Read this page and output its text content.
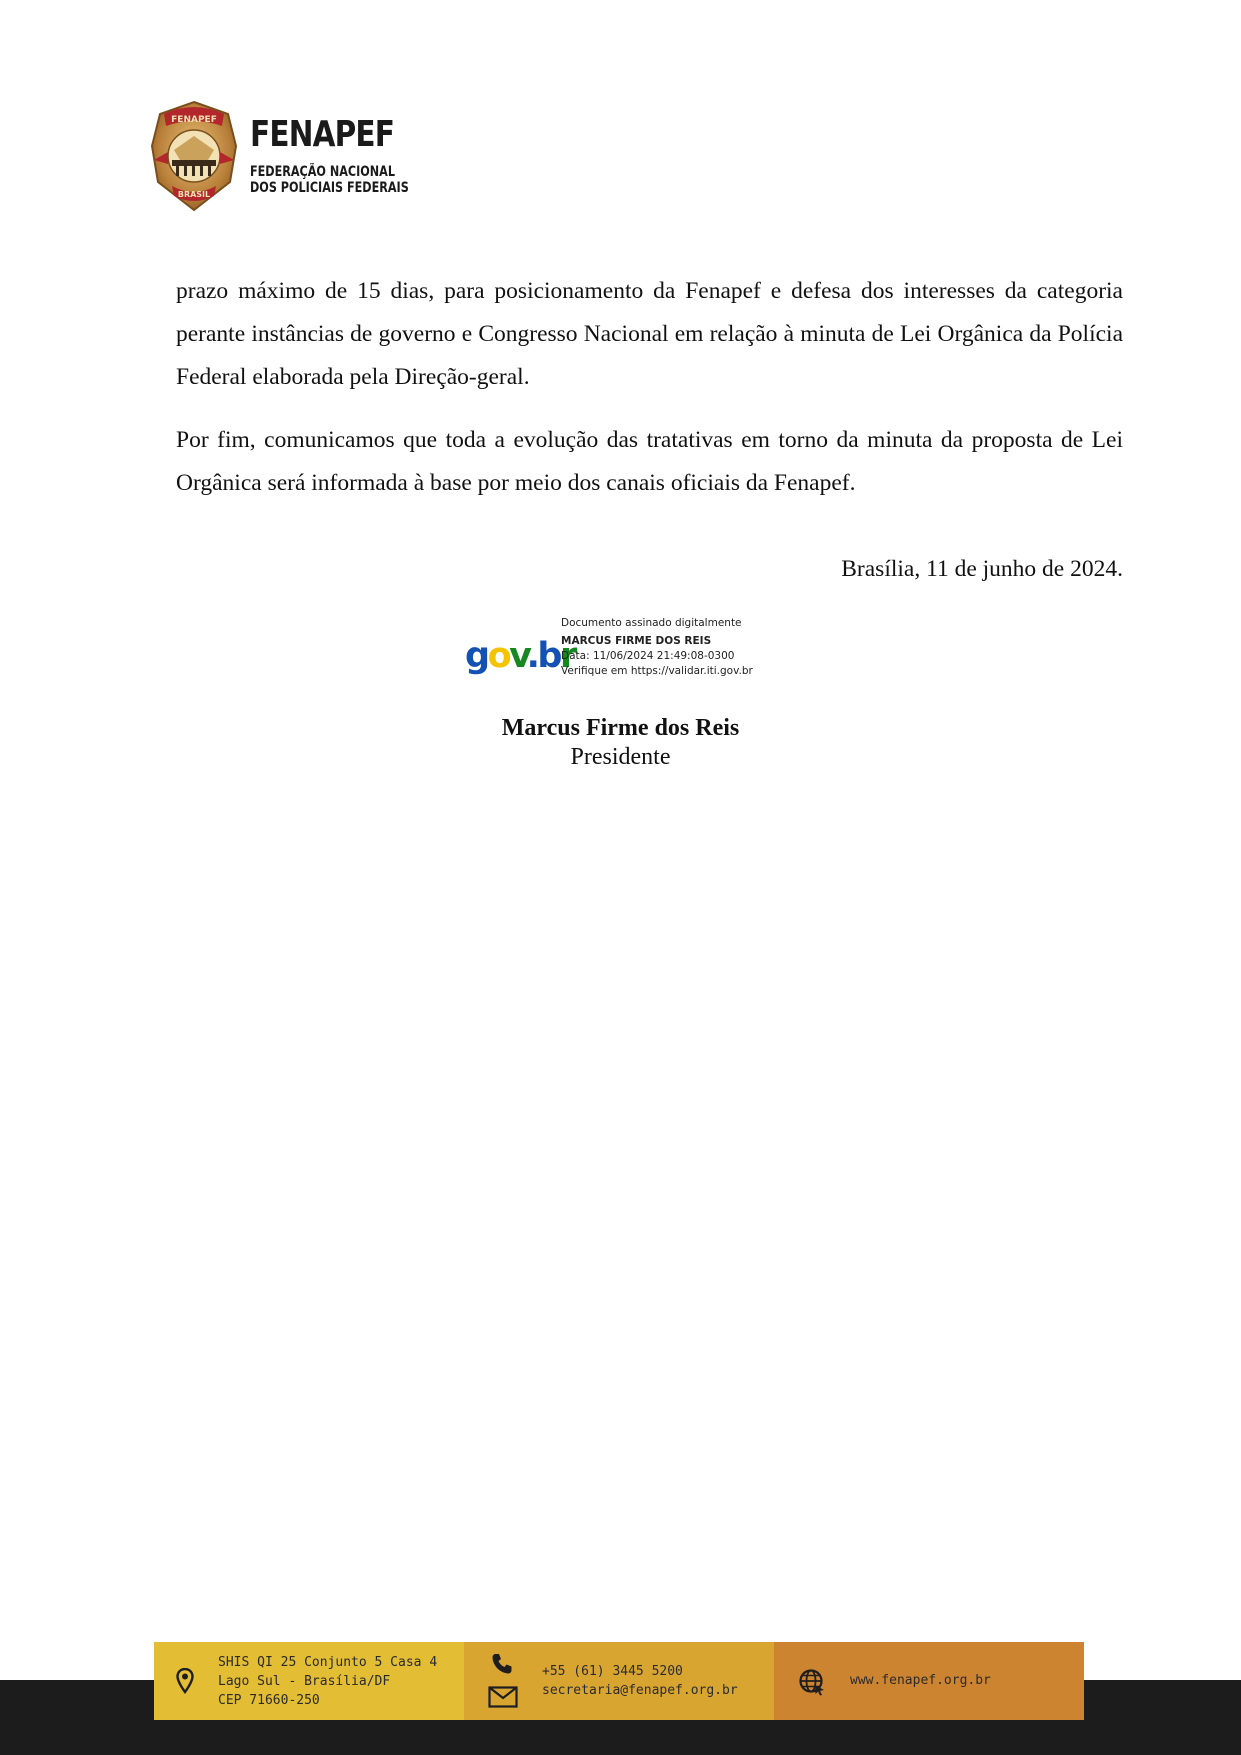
FENAPEF
BRASIL
FENAPEF
FEDERAÇÃO NACIONAL
DOS POLICIAIS FEDERAIS

prazo máximo de 15 dias, para posicionamento da Fenapef e defesa dos interesses da categoria perante instâncias de governo e Congresso Nacional em relação à minuta de Lei Orgânica da Polícia Federal elaborada pela Direção-geral.

Por fim, comunicamos que toda a evolução das tratativas em torno da minuta da proposta de Lei Orgânica será informada à base por meio dos canais oficiais da Fenapef.

Brasília, 11 de junho de 2024.
gov.br
Documento assinado digitalmente
MARCUS FIRME DOS REIS
Data: 11/06/2024 21:49:08-0300
Verifique em https://validar.iti.gov.br
Marcus Firme dos Reis
Presidente
SHIS QI 25 Conjunto 5 Casa 4
Lago Sul - Brasília/DF
CEP 71660-250
+55 (61) 3445 5200
secretaria@fenapef.org.br
www.fenapef.org.br
